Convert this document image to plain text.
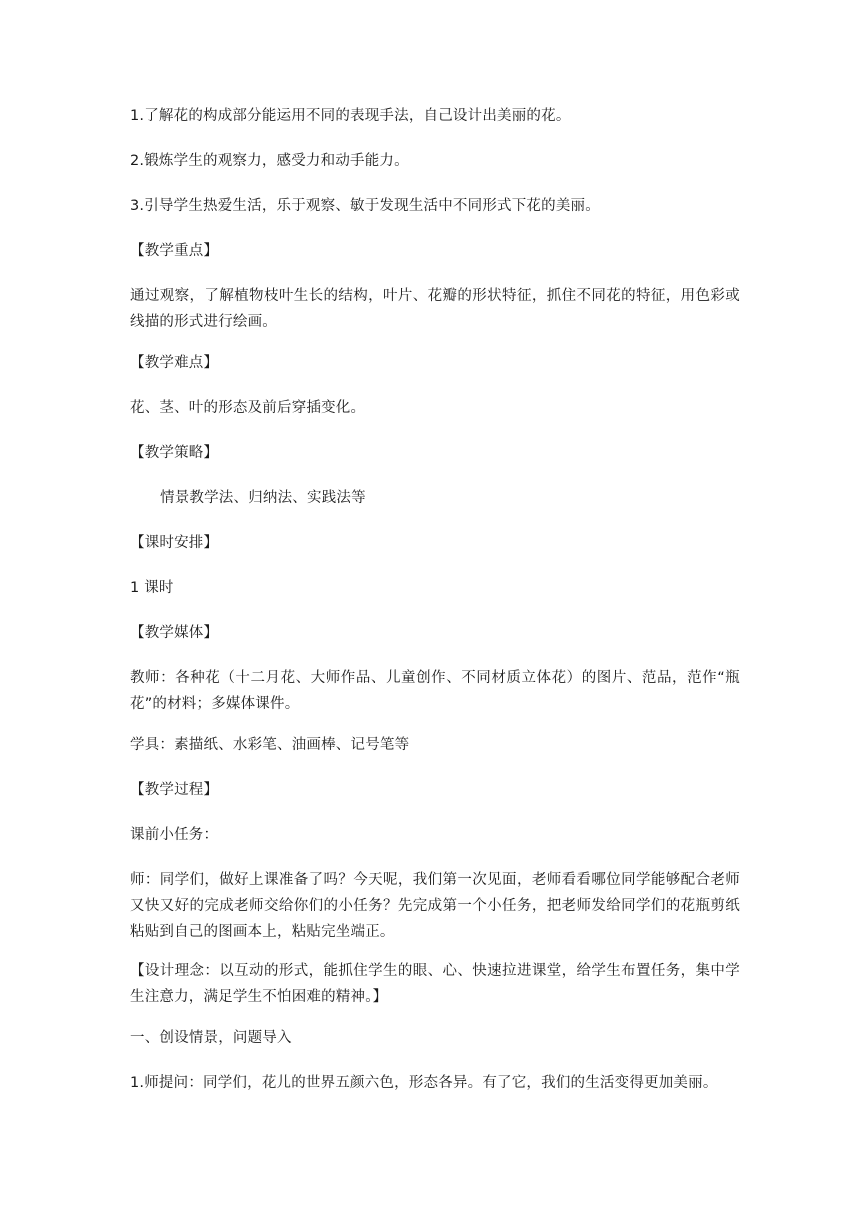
1.了解花的构成部分能运用不同的表现手法，自己设计出美丽的花。
2.锻炼学生的观察力，感受力和动手能力。
3.引导学生热爱生活，乐于观察、敏于发现生活中不同形式下花的美丽。
【教学重点】
通过观察，了解植物枝叶生长的结构，叶片、花瓣的形状特征，抓住不同花的特征，用色彩或线描的形式进行绘画。
【教学难点】
花、茎、叶的形态及前后穿插变化。
【教学策略】
情景教学法、归纳法、实践法等
【课时安排】
1 课时
【教学媒体】
教师：各种花（十二月花、大师作品、儿童创作、不同材质立体花）的图片、范品，范作“瓶花”的材料；多媒体课件。
学具：素描纸、水彩笔、油画棒、记号笔等
【教学过程】
课前小任务：
师：同学们，做好上课准备了吗？今天呢，我们第一次见面，老师看看哪位同学能够配合老师又快又好的完成老师交给你们的小任务？先完成第一个小任务，把老师发给同学们的花瓶剪纸粘贴到自己的图画本上，粘贴完坐端正。
【设计理念：以互动的形式，能抓住学生的眼、心、快速拉进课堂，给学生布置任务，集中学生注意力，满足学生不怕困难的精神。】
一、创设情景，问题导入
1.师提问：同学们，花儿的世界五颜六色，形态各异。有了它，我们的生活变得更加美丽。
